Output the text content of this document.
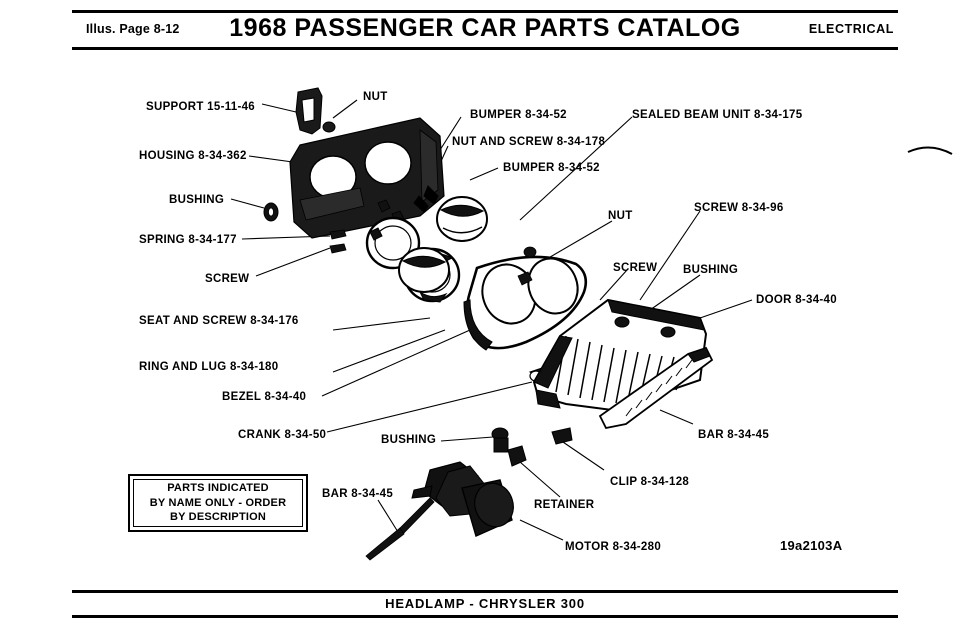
Illus. Page 8-12	1968 PASSENGER CAR PARTS CATALOG	ELECTRICAL
SUPPORT 15-11-46
NUT
BUMPER 8-34-52	SEALED BEAM UNIT 8-34-175
NUT AND SCREW 8-34-178
HOUSING 8-34-362
BUMPER 8-34-52
BUSHING
SCREW 8-34-96
NUT
SPRING 8-34-177
SCREW
SCREW BUSHING
DOOR 8-34-40
SEAT AND SCREW 8-34-176
RING AND LUG 8-34-180
BEZEL 8-34-40
CRANK 8-34-50	BUSHING	BAR 8-34-45
CLIP 8-34-128
RETAINER
BAR 8-34-45
MOTOR 8-34-280
PARTS INDICATED
BY NAME ONLY - ORDER
BY DESCRIPTION
19a2103A
HEADLAMP - CHRYSLER 300
